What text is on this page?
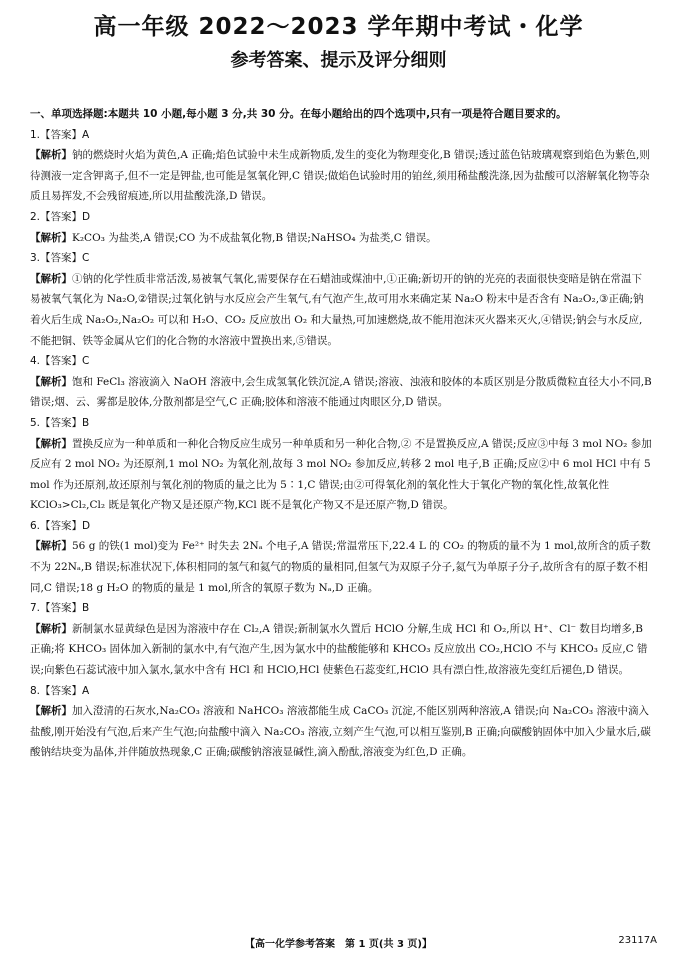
高一年级 2022～2023 学年期中考试・化学
参考答案、提示及评分细则
一、单项选择题:本题共 10 小题,每小题 3 分,共 30 分。在每小题给出的四个选项中,只有一项是符合题目要求的。
1.【答案】A
【解析】钠的燃烧时火焰为黄色,A 正确;焰色试验中未生成新物质,发生的变化为物理变化,B 错误;透过蓝色钴玻璃观察到焰色为紫色,则待测液一定含钾离子,但不一定是钾盐,也可能是氢氧化钾,C 错误;做焰色试验时用的铂丝,须用稀盐酸洗涤,因为盐酸可以溶解氧化物等杂质且易挥发,不会残留痕迹,所以用盐酸洗涤,D 错误。
2.【答案】D
【解析】K₂CO₃ 为盐类,A 错误;CO 为不成盐氧化物,B 错误;NaHSO₄ 为盐类,C 错误。
3.【答案】C
【解析】①钠的化学性质非常活泼,易被氧气氧化,需要保存在石蜡油或煤油中,①正确;新切开的钠的光亮的表面很快变暗是钠在常温下易被氧气氧化为 Na₂O,②错误;过氧化钠与水反应会产生氧气,有气泡产生,故可用水来确定某 Na₂O 粉末中是否含有 Na₂O₂,③正确;钠着火后生成 Na₂O₂,Na₂O₂ 可以和 H₂O、CO₂ 反应放出 O₂ 和大量热,可加速燃烧,故不能用泡沫灭火器来灭火,④错误;钠会与水反应,不能把铜、铁等金属从它们的化合物的水溶液中置换出来,⑤错误。
4.【答案】C
【解析】饱和 FeCl₃ 溶液滴入 NaOH 溶液中,会生成氢氧化铁沉淀,A 错误;溶液、浊液和胶体的本质区别是分散质微粒直径大小不同,B 错误;烟、云、雾都是胶体,分散剂都是空气,C 正确;胶体和溶液不能通过肉眼区分,D 错误。
5.【答案】B
【解析】置换反应为一种单质和一种化合物反应生成另一种单质和另一种化合物,② 不是置换反应,A 错误;反应③中每 3 mol NO₂ 参加反应有 2 mol NO₂ 为还原剂,1 mol NO₂ 为氧化剂,故每 3 mol NO₂ 参加反应,转移 2 mol 电子,B 正确;反应②中 6 mol HCl 中有 5 mol 作为还原剂,故还原剂与氧化剂的物质的量之比为 5∶1,C 错误;由②可得氧化剂的氧化性大于氧化产物的氧化性,故氧化性 KClO₃>Cl₂,Cl₂ 既是氧化产物又是还原产物,KCl 既不是氧化产物又不是还原产物,D 错误。
6.【答案】D
【解析】56 g 的铁(1 mol)变为 Fe²⁺ 时失去 2Nₐ 个电子,A 错误;常温常压下,22.4 L 的 CO₂ 的物质的量不为 1 mol,故所含的质子数不为 22Nₐ,B 错误;标准状况下,体积相同的氢气和氦气的物质的量相同,但氢气为双原子分子,氦气为单原子分子,故所含有的原子数不相同,C 错误;18 g H₂O 的物质的量是 1 mol,所含的氧原子数为 Nₐ,D 正确。
7.【答案】B
【解析】新制氯水显黄绿色是因为溶液中存在 Cl₂,A 错误;新制氯水久置后 HClO 分解,生成 HCl 和 O₂,所以 H⁺、Cl⁻ 数目均增多,B 正确;将 KHCO₃ 固体加入新制的氯水中,有气泡产生,因为氯水中的盐酸能够和 KHCO₃ 反应放出 CO₂,HClO 不与 KHCO₃ 反应,C 错误;向紫色石蕊试液中加入氯水,氯水中含有 HCl 和 HClO,HCl 使紫色石蕊变红,HClO 具有漂白性,故溶液先变红后褪色,D 错误。
8.【答案】A
【解析】加入澄清的石灰水,Na₂CO₃ 溶液和 NaHCO₃ 溶液都能生成 CaCO₃ 沉淀,不能区别两种溶液,A 错误;向 Na₂CO₃ 溶液中滴入盐酸,刚开始没有气泡,后来产生气泡;向盐酸中滴入 Na₂CO₃ 溶液,立刻产生气泡,可以相互鉴别,B 正确;向碳酸钠固体中加入少量水后,碳酸钠结块变为晶体,并伴随放热现象,C 正确;碳酸钠溶液显碱性,滴入酚酞,溶液变为红色,D 正确。
【高一化学参考答案　第 1 页(共 3 页)】	23117A
